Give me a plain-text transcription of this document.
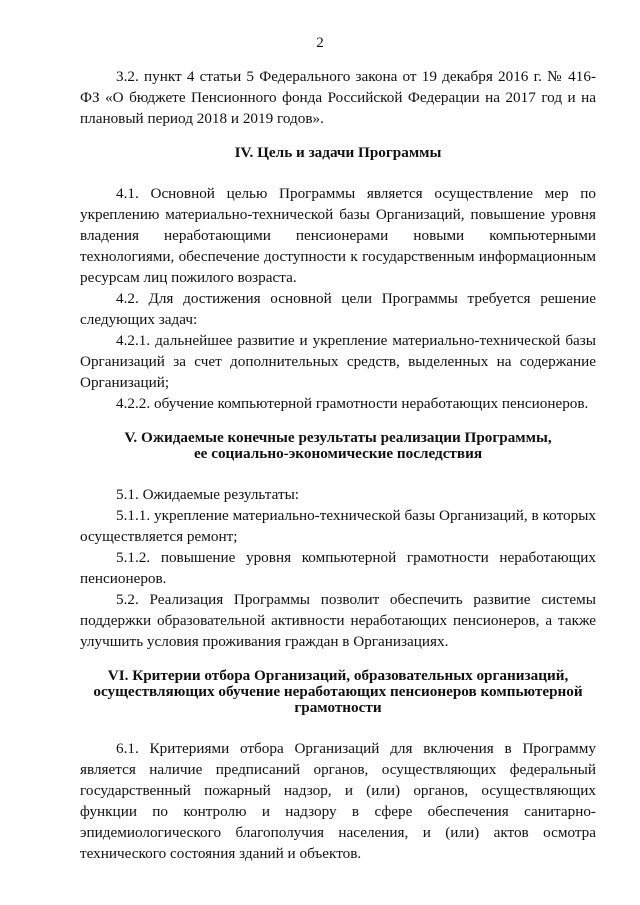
2

3.2. пункт 4 статьи 5 Федерального закона от 19 декабря 2016 г. № 416-ФЗ «О бюджете Пенсионного фонда Российской Федерации на 2017 год и на плановый период 2018 и 2019 годов».

IV. Цель и задачи Программы

4.1. Основной целью Программы является осуществление мер по укреплению материально-технической базы Организаций, повышение уровня владения неработающими пенсионерами новыми компьютерными технологиями, обеспечение доступности к государственным информационным ресурсам лиц пожилого возраста.

4.2. Для достижения основной цели Программы требуется решение следующих задач:

4.2.1. дальнейшее развитие и укрепление материально-технической базы Организаций за счет дополнительных средств, выделенных на содержание Организаций;

4.2.2. обучение компьютерной грамотности неработающих пенсионеров.

V. Ожидаемые конечные результаты реализации Программы,
ее социально-экономические последствия

5.1. Ожидаемые результаты:

5.1.1. укрепление материально-технической базы Организаций, в которых осуществляется ремонт;

5.1.2. повышение уровня компьютерной грамотности неработающих пенсионеров.

5.2. Реализация Программы позволит обеспечить развитие системы поддержки образовательной активности неработающих пенсионеров, а также улучшить условия проживания граждан в Организациях.

VI. Критерии отбора Организаций, образовательных организаций,
осуществляющих обучение неработающих пенсионеров компьютерной
грамотности

6.1. Критериями отбора Организаций для включения в Программу является наличие предписаний органов, осуществляющих федеральный государственный пожарный надзор, и (или) органов, осуществляющих функции по контролю и надзору в сфере обеспечения санитарно-эпидемиологического благополучия населения, и (или) актов осмотра технического состояния зданий и объектов.
